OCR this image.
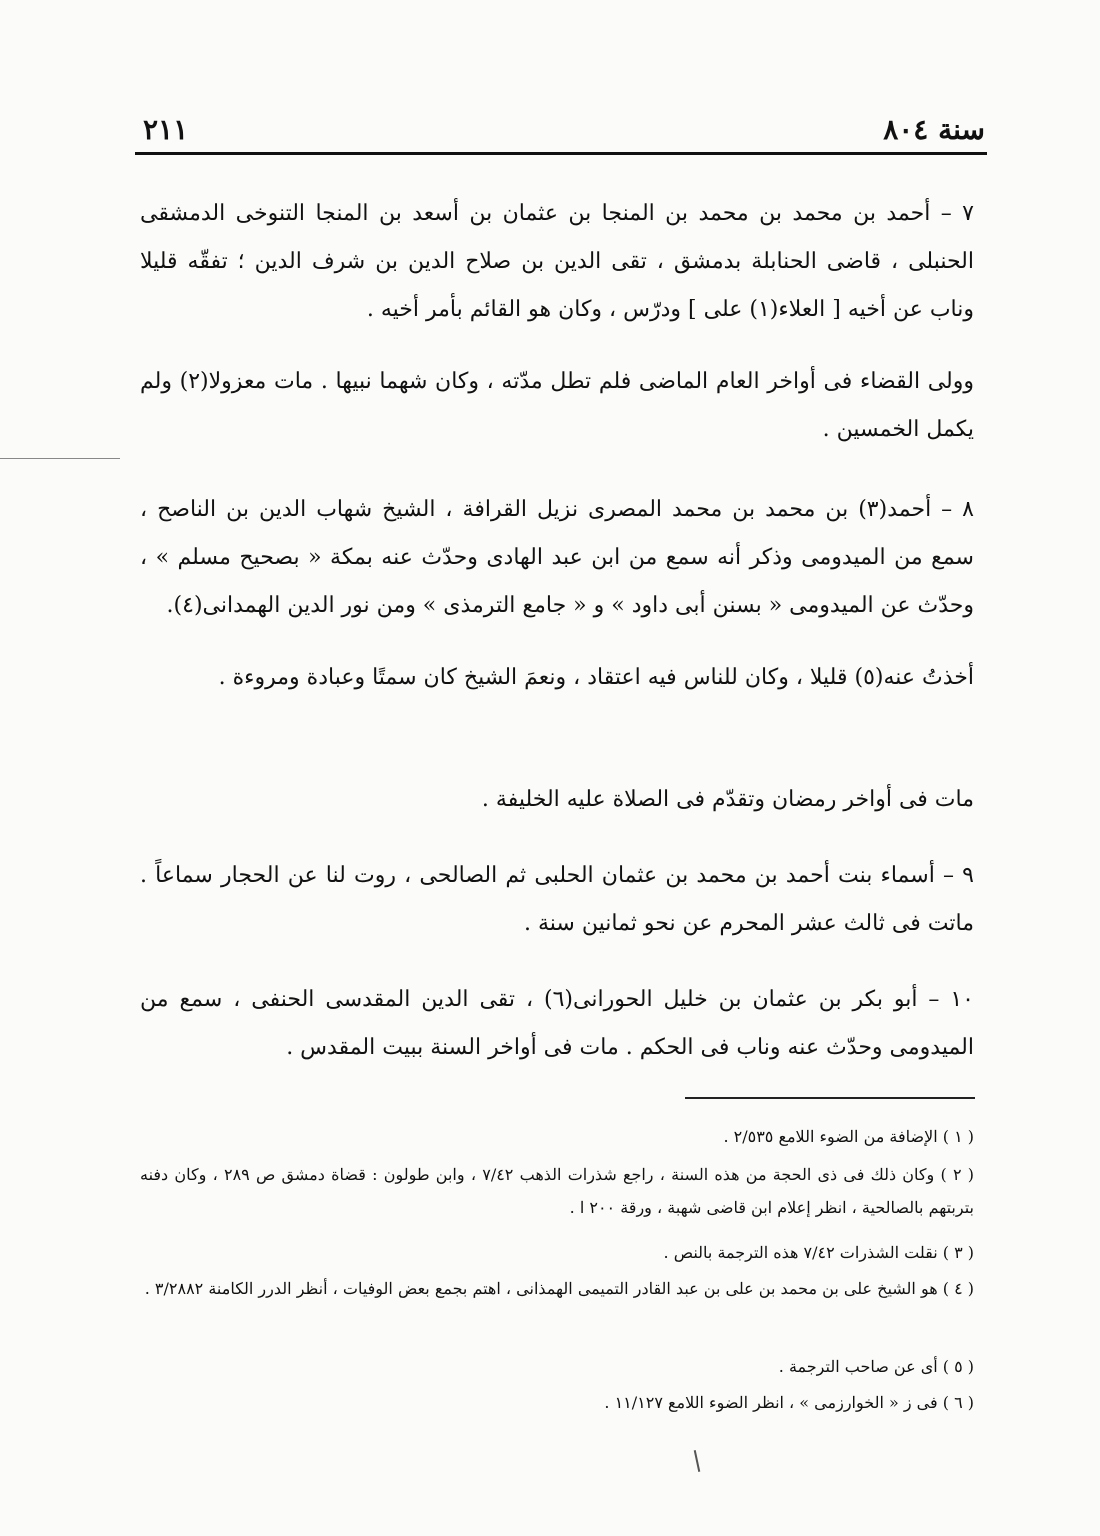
سنة ٨٠٤
٢١١
٧ – أحمد بن محمد بن محمد بن المنجا بن عثمان بن أسعد بن المنجا التنوخى الدمشقى الحنبلى ، قاضى الحنابلة بدمشق ، تقى الدين بن صلاح الدين بن شرف الدين ؛ تفقّه قليلا وناب عن أخيه [ العلاء(١) على ] ودرّس ، وكان هو القائم بأمر أخيه .
وولى القضاء فى أواخر العام الماضى فلم تطل مدّته ، وكان شهما نبيها . مات معزولا(٢) ولم يكمل الخمسين .
٨ – أحمد(٣) بن محمد بن محمد المصرى نزيل القرافة ، الشيخ شهاب الدين بن الناصح ، سمع من الميدومى وذكر أنه سمع من ابن عبد الهادى وحدّث عنه بمكة « بصحيح مسلم » ، وحدّث عن الميدومى « بسنن أبى داود » و « جامع الترمذى » ومن نور الدين الهمدانى(٤).
أخذتُ عنه(٥) قليلا ، وكان للناس فيه اعتقاد ، ونعمَ الشيخ كان سمتًا وعبادة ومروءة .
مات فى أواخر رمضان وتقدّم فى الصلاة عليه الخليفة .
٩ – أسماء بنت أحمد بن محمد بن عثمان الحلبى ثم الصالحى ، روت لنا عن الحجار سماعاً . ماتت فى ثالث عشر المحرم عن نحو ثمانين سنة .
١٠ – أبو بكر بن عثمان بن خليل الحورانى(٦) ، تقى الدين المقدسى الحنفى ، سمع من الميدومى وحدّث عنه وناب فى الحكم . مات فى أواخر السنة ببيت المقدس .
( ١ ) الإضافة من الضوء اللامع ٢/٥٣٥ .
( ٢ ) وكان ذلك فى ذى الحجة من هذه السنة ، راجع شذرات الذهب ٧/٤٢ ، وابن طولون : قضاة دمشق ص ٢٨٩ ، وكان دفنه بتربتهم بالصالحية ، انظر إعلام ابن قاضى شهبة ، ورقة ٢٠٠ ا .
( ٣ ) نقلت الشذرات ٧/٤٢ هذه الترجمة بالنص .
( ٤ ) هو الشيخ على بن محمد بن على بن عبد القادر التميمى الهمذانى ، اهتم بجمع بعض الوفيات ، أنظر الدرر الكامنة ٣/٢٨٨٢ .
( ٥ ) أى عن صاحب الترجمة .
( ٦ ) فى ز « الخوارزمى » ، انظر الضوء اللامع ١١/١٢٧ .
